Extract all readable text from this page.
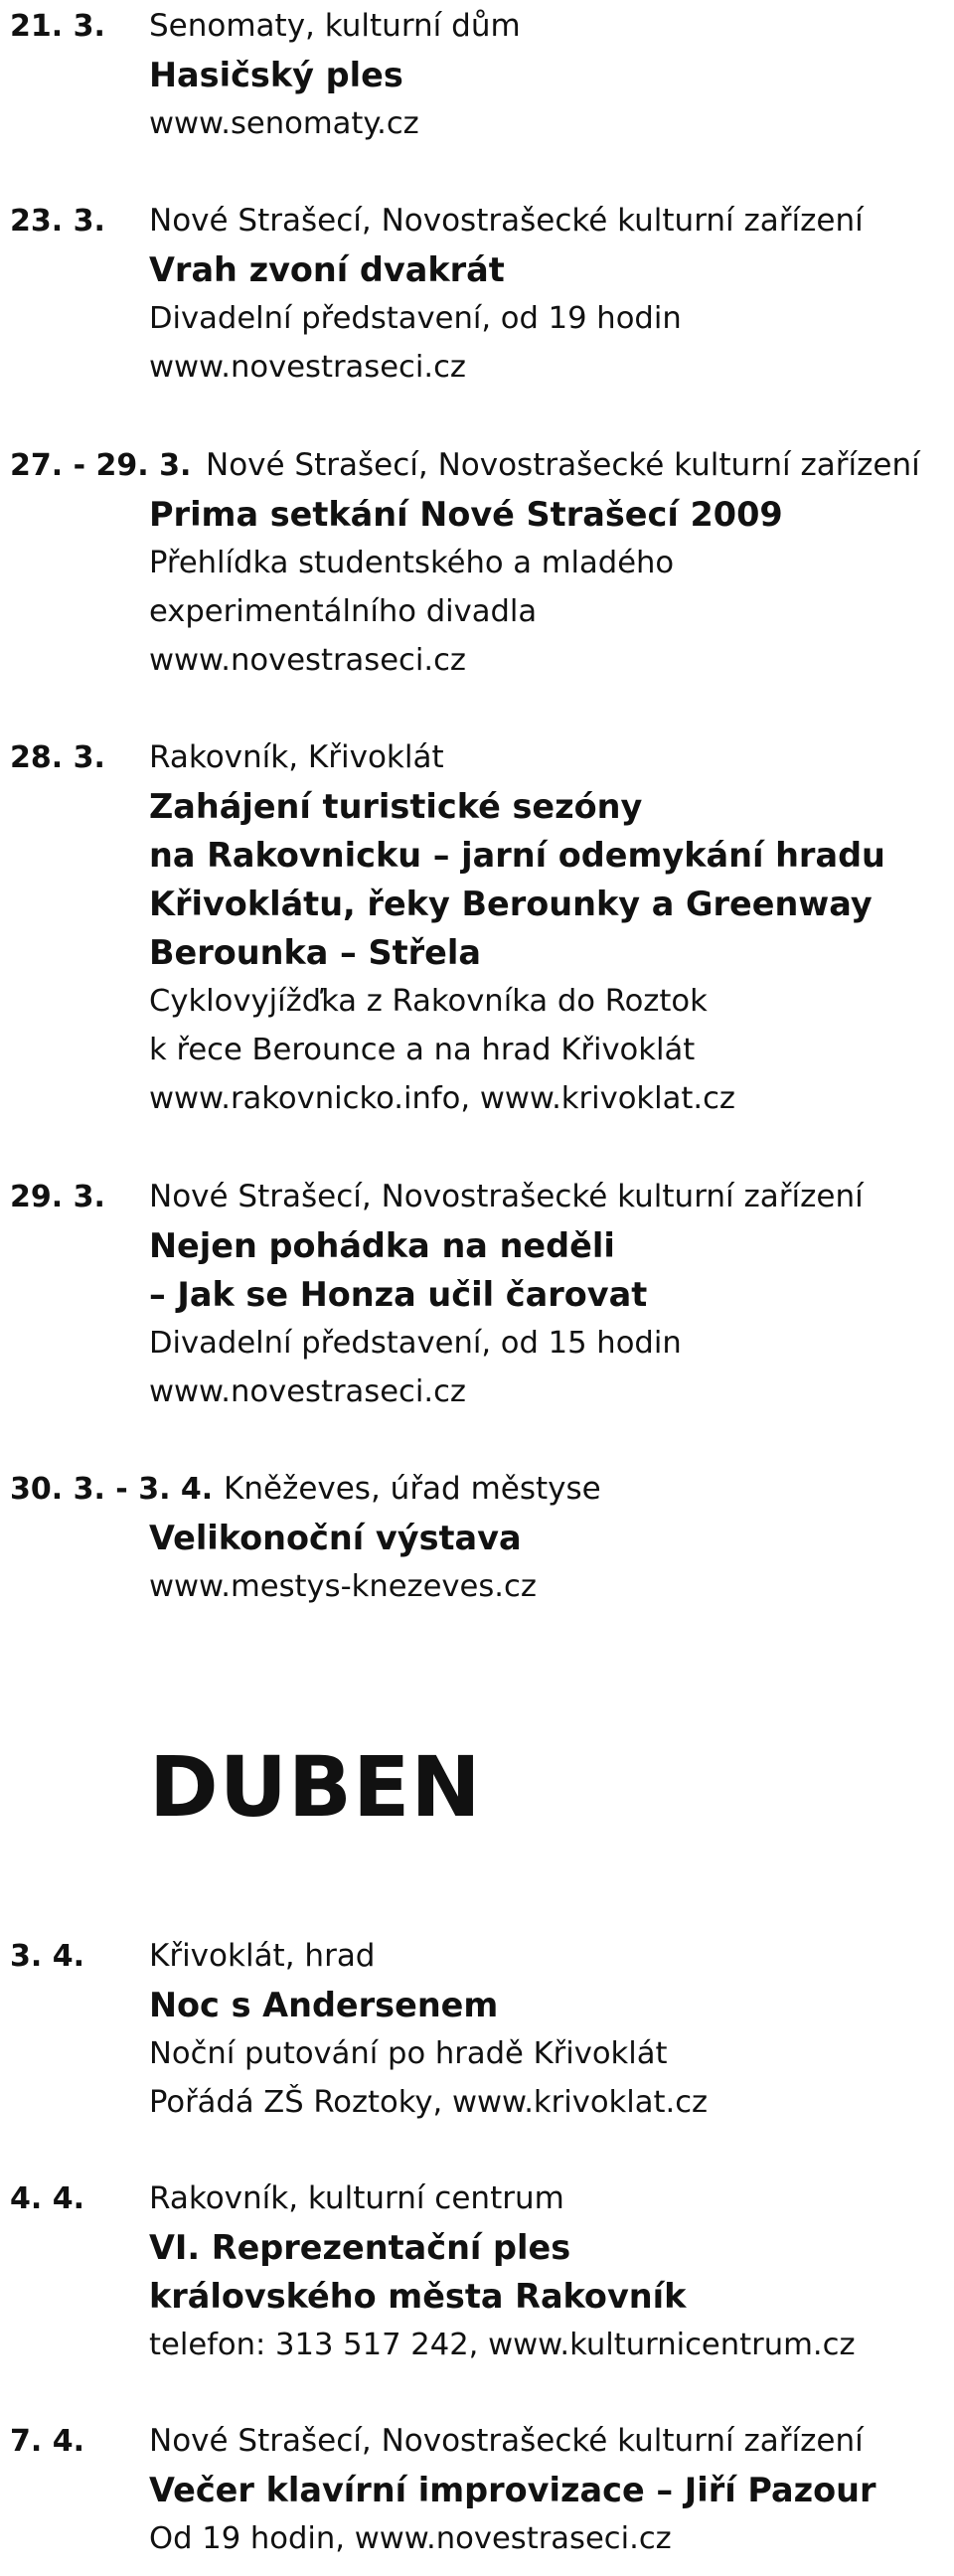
21. 3. Senomaty, kulturní dům
Hasičský ples
www.senomaty.cz
23. 3. Nové Strašecí, Novostrašecké kulturní zařízení
Vrah zvoní dvakrát
Divadelní představení, od 19 hodin
www.novestraseci.cz
27. - 29. 3. Nové Strašecí, Novostrašecké kulturní zařízení
Prima setkání Nové Strašecí 2009
Přehlídka studentského a mladého
experimentálního divadla
www.novestraseci.cz
28. 3. Rakovník, Křivoklát
Zahájení turistické sezóny
na Rakovnicku – jarní odemykání hradu
Křivoklátu, řeky Berounky a Greenway
Berounka – Střela
Cyklovyjížďka z Rakovníka do Roztok
k řece Berounce a na hrad Křivoklát
www.rakovnicko.info, www.krivoklat.cz
29. 3. Nové Strašecí, Novostrašecké kulturní zařízení
Nejen pohádka na neděli
– Jak se Honza učil čarovat
Divadelní představení, od 15 hodin
www.novestraseci.cz
30. 3. - 3. 4. Kněževes, úřad městyse
Velikonoční výstava
www.mestys-knezeves.cz
DUBEN
3. 4. Křivoklát, hrad
Noc s Andersenem
Noční putování po hradě Křivoklát
Pořádá ZŠ Roztoky, www.krivoklat.cz
4. 4. Rakovník, kulturní centrum
VI. Reprezentační ples
královského města Rakovník
telefon: 313 517 242, www.kulturnicentrum.cz
7. 4. Nové Strašecí, Novostrašecké kulturní zařízení
Večer klavírní improvizace – Jiří Pazour
Od 19 hodin, www.novestraseci.cz
